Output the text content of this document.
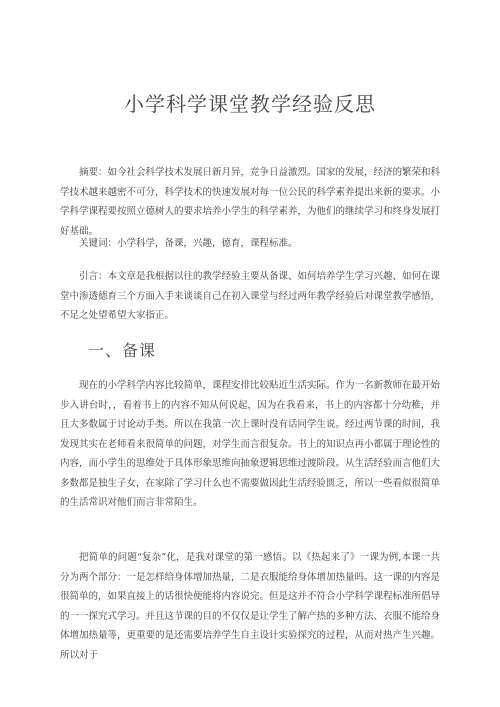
小学科学课堂教学经验反思

摘要：如今社会科学技术发展日新月异，竞争日益激烈。国家的发展，经济的繁荣和科学技术越来越密不可分，科学技术的快速发展对每一位公民的科学素养提出来新的要求。小学科学课程要按照立德树人的要求培养小学生的科学素养，为他们的继续学习和终身发展打好基础。

关键词：小学科学，备课，兴趣，德育，课程标准。

引言：本文章是我根据以往的教学经验主要从备课、如何培养学生学习兴趣、如何在课堂中渗透德育三个方面入手来谈谈自己在初入课堂与经过两年教学经验后对课堂教学感悟，不足之处望希望大家指正。

一、备课

现在的小学科学内容比较简单，课程安排比较贴近生活实际。作为一名新教师在最开始步入讲台时，，看着书上的内容不知从何说起，因为在我看来，书上的内容都十分幼稚，并且大多数属于讨论动手类。所以在我第一次上课时没有话同学生说。经过两节课的时间，我发现其实在老师看来很简单的问题，对学生而言很复杂。书上的知识点再小都属于理论性的内容，而小学生的思维处于具体形象思维向抽象逻辑思维过渡阶段。从生活经验而言他们大多数都是独生子女，在家除了学习什么也不需要做因此生活经验匮乏，所以一些看似很简单的生活常识对他们而言非常陌生。

把简单的问题“复杂”化，是我对课堂的第一感悟。以《热起来了》一课为例,本课一共分为两个部分：一是怎样给身体增加热量，二是衣服能给身体增加热量吗。这一课的内容是很简单的，如果直接上的话很快便能将内容说完。但是这并不符合小学科学课程标准所倡导的一一探究式学习。并且这节课的目的不仅仅是让学生了解产热的多种方法、衣服不能给身体增加热量等，更重要的是还需要培养学生自主设计实验探究的过程，从而对热产生兴趣。所以对于
